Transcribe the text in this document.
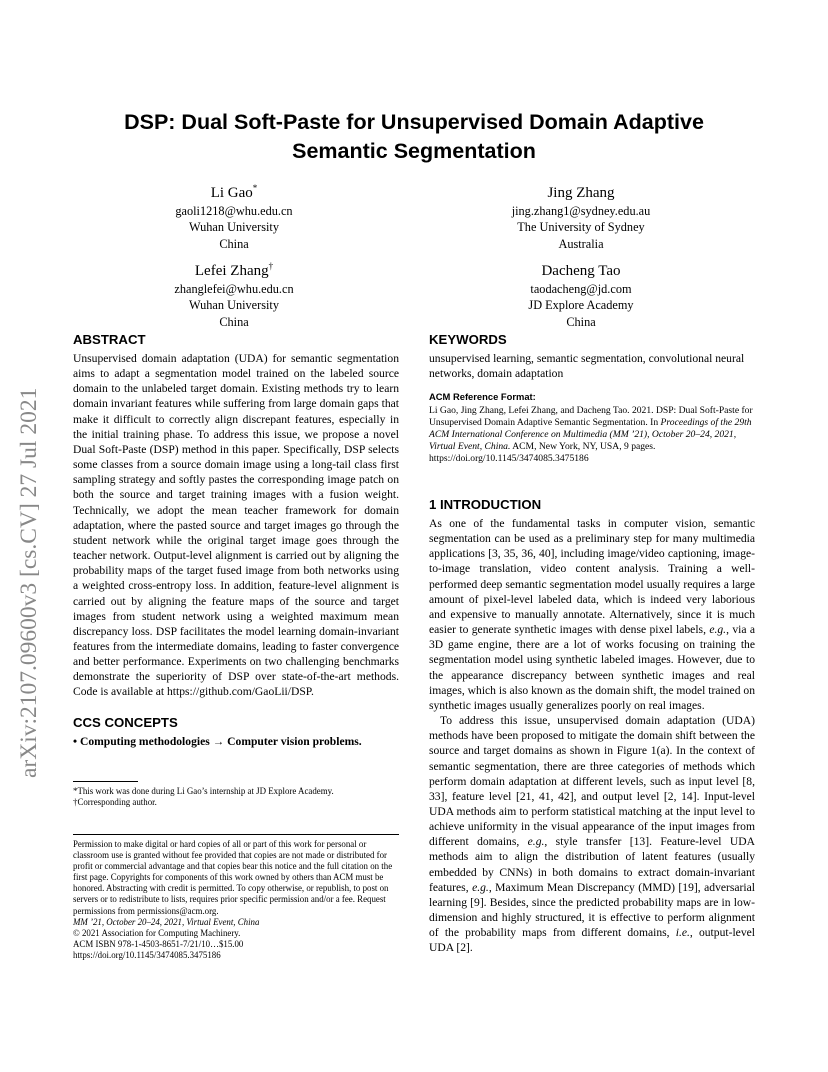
arXiv:2107.09600v3 [cs.CV] 27 Jul 2021
DSP: Dual Soft-Paste for Unsupervised Domain Adaptive
Semantic Segmentation
Li Gao*
gaoli1218@whu.edu.cn
Wuhan University
China
Jing Zhang
jing.zhang1@sydney.edu.au
The University of Sydney
Australia
Lefei Zhang†
zhanglefei@whu.edu.cn
Wuhan University
China
Dacheng Tao
taodacheng@jd.com
JD Explore Academy
China

ABSTRACT

Unsupervised domain adaptation (UDA) for semantic segmentation aims to adapt a segmentation model trained on the labeled source domain to the unlabeled target domain. Existing methods try to learn domain invariant features while suffering from large domain gaps that make it difficult to correctly align discrepant features, especially in the initial training phase. To address this issue, we propose a novel Dual Soft-Paste (DSP) method in this paper. Specifically, DSP selects some classes from a source domain image using a long-tail class first sampling strategy and softly pastes the corresponding image patch on both the source and target training images with a fusion weight. Technically, we adopt the mean teacher framework for domain adaptation, where the pasted source and target images go through the student network while the original target image goes through the teacher network. Output-level alignment is carried out by aligning the probability maps of the target fused image from both networks using a weighted cross-entropy loss. In addition, feature-level alignment is carried out by aligning the feature maps of the source and target images from student network using a weighted maximum mean discrepancy loss. DSP facilitates the model learning domain-invariant features from the intermediate domains, leading to faster convergence and better performance. Experiments on two challenging benchmarks demonstrate the superiority of DSP over state-of-the-art methods. Code is available at https://github.com/GaoLii/DSP.

CCS CONCEPTS

• Computing methodologies → Computer vision problems.

*This work was done during Li Gao’s internship at JD Explore Academy.

†Corresponding author.

Permission to make digital or hard copies of all or part of this work for personal or classroom use is granted without fee provided that copies are not made or distributed for profit or commercial advantage and that copies bear this notice and the full citation on the first page. Copyrights for components of this work owned by others than ACM must be honored. Abstracting with credit is permitted. To copy otherwise, or republish, to post on servers or to redistribute to lists, requires prior specific permission and/or a fee. Request permissions from permissions@acm.org.

MM ’21, October 20–24, 2021, Virtual Event, China

© 2021 Association for Computing Machinery.

ACM ISBN 978-1-4503-8651-7/21/10…$15.00

https://doi.org/10.1145/3474085.3475186

KEYWORDS

unsupervised learning, semantic segmentation, convolutional neural networks, domain adaptation

ACM Reference Format:

Li Gao, Jing Zhang, Lefei Zhang, and Dacheng Tao. 2021. DSP: Dual Soft-Paste for Unsupervised Domain Adaptive Semantic Segmentation. In Proceedings of the 29th ACM International Conference on Multimedia (MM ’21), October 20–24, 2021, Virtual Event, China. ACM, New York, NY, USA, 9 pages. https://doi.org/10.1145/3474085.3475186

1 INTRODUCTION

As one of the fundamental tasks in computer vision, semantic segmentation can be used as a preliminary step for many multimedia applications [3, 35, 36, 40], including image/video captioning, image-to-image translation, video content analysis. Training a well-performed deep semantic segmentation model usually requires a large amount of pixel-level labeled data, which is indeed very laborious and expensive to manually annotate. Alternatively, since it is much easier to generate synthetic images with dense pixel labels, e.g., via a 3D game engine, there are a lot of works focusing on training the segmentation model using synthetic labeled images. However, due to the appearance discrepancy between synthetic images and real images, which is also known as the domain shift, the model trained on synthetic images usually generalizes poorly on real images.

To address this issue, unsupervised domain adaptation (UDA) methods have been proposed to mitigate the domain shift between the source and target domains as shown in Figure 1(a). In the context of semantic segmentation, there are three categories of methods which perform domain adaptation at different levels, such as input level [8, 33], feature level [21, 41, 42], and output level [2, 14]. Input-level UDA methods aim to perform statistical matching at the input level to achieve uniformity in the visual appearance of the input images from different domains, e.g., style transfer [13]. Feature-level UDA methods aim to align the distribution of latent features (usually embedded by CNNs) in both domains to extract domain-invariant features, e.g., Maximum Mean Discrepancy (MMD) [19], adversarial learning [9]. Besides, since the predicted probability maps are in low-dimension and highly structured, it is effective to perform alignment of the probability maps from different domains, i.e., output-level UDA [2].
